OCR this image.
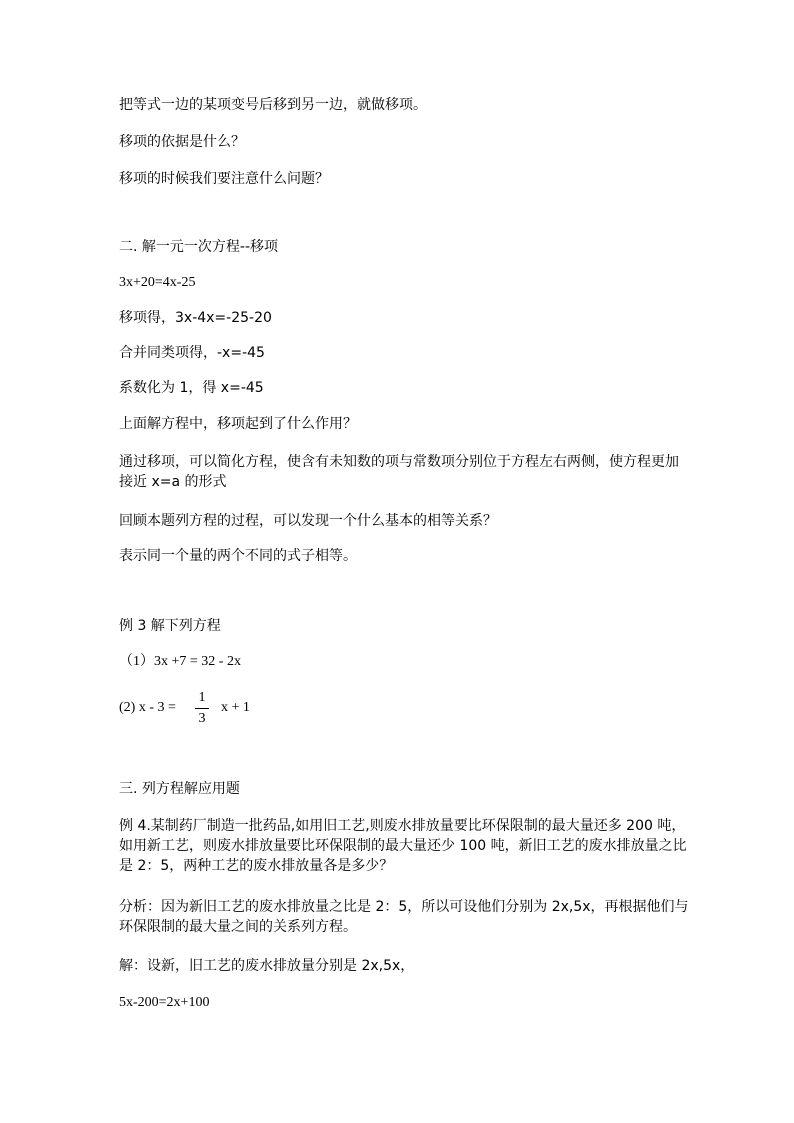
把等式一边的某项变号后移到另一边，就做移项。
移项的依据是什么？
移项的时候我们要注意什么问题？
二. 解一元一次方程--移项
3x+20=4x-25
移项得，3x-4x=-25-20
合并同类项得，-x=-45
系数化为 1，得 x=-45
上面解方程中，移项起到了什么作用？
通过移项，可以简化方程，使含有未知数的项与常数项分别位于方程左右两侧，使方程更加
接近 x=a 的形式
回顾本题列方程的过程，可以发现一个什么基本的相等关系？
表示同一个量的两个不同的式子相等。
例 3 解下列方程
（1）3x +7 = 32 - 2x
(2) x - 3 =
1
3
x + 1
三. 列方程解应用题
例 4.某制药厂制造一批药品,如用旧工艺,则废水排放量要比环保限制的最大量还多 200 吨，
如用新工艺，则废水排放量要比环保限制的最大量还少 100 吨，新旧工艺的废水排放量之比
是 2：5，两种工艺的废水排放量各是多少？
分析：因为新旧工艺的废水排放量之比是 2：5，所以可设他们分别为 2x,5x，再根据他们与
环保限制的最大量之间的关系列方程。
解：设新，旧工艺的废水排放量分别是 2x,5x，
5x-200=2x+100
